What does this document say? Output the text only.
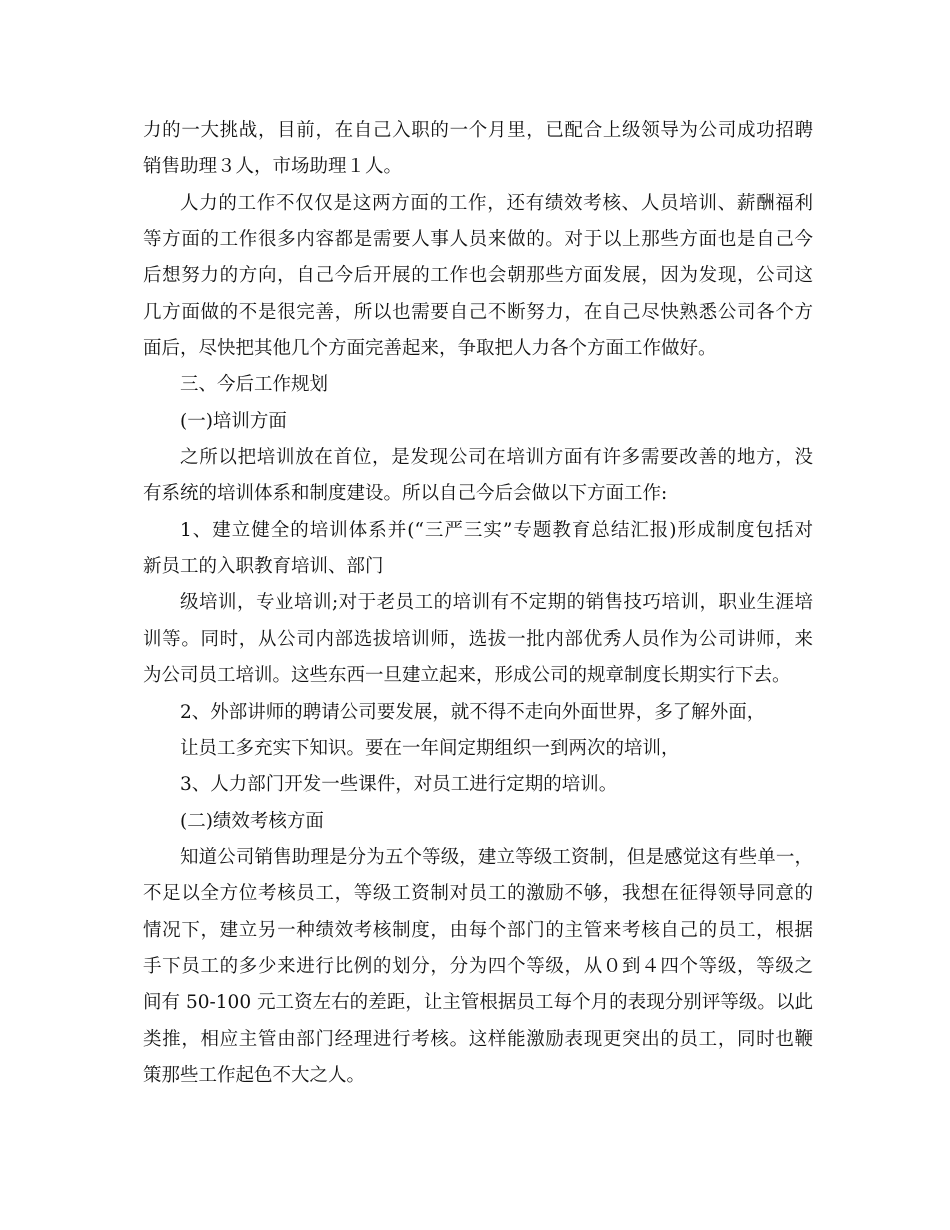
力的一大挑战，目前，在自己入职的一个月里，已配合上级领导为公司成功招聘
销售助理３人，市场助理１人。
人力的工作不仅仅是这两方面的工作，还有绩效考核、人员培训、薪酬福利
等方面的工作很多内容都是需要人事人员来做的。对于以上那些方面也是自己今
后想努力的方向，自己今后开展的工作也会朝那些方面发展，因为发现，公司这
几方面做的不是很完善，所以也需要自己不断努力，在自己尽快熟悉公司各个方
面后，尽快把其他几个方面完善起来，争取把人力各个方面工作做好。
三、今后工作规划
(一)培训方面
之所以把培训放在首位，是发现公司在培训方面有许多需要改善的地方，没
有系统的培训体系和制度建设。所以自己今后会做以下方面工作:
1、建立健全的培训体系并(“三严三实”专题教育总结汇报)形成制度包括对
新员工的入职教育培训、部门
级培训，专业培训;对于老员工的培训有不定期的销售技巧培训，职业生涯培
训等。同时，从公司内部选拔培训师，选拔一批内部优秀人员作为公司讲师，来
为公司员工培训。这些东西一旦建立起来，形成公司的规章制度长期实行下去。
2、外部讲师的聘请公司要发展，就不得不走向外面世界，多了解外面，
让员工多充实下知识。要在一年间定期组织一到两次的培训，
3、人力部门开发一些课件，对员工进行定期的培训。
(二)绩效考核方面
知道公司销售助理是分为五个等级，建立等级工资制，但是感觉这有些单一，
不足以全方位考核员工，等级工资制对员工的激励不够，我想在征得领导同意的
情况下，建立另一种绩效考核制度，由每个部门的主管来考核自己的员工，根据
手下员工的多少来进行比例的划分，分为四个等级，从０到４四个等级，等级之
间有 50-100 元工资左右的差距，让主管根据员工每个月的表现分别评等级。以此
类推，相应主管由部门经理进行考核。这样能激励表现更突出的员工，同时也鞭
策那些工作起色不大之人。
